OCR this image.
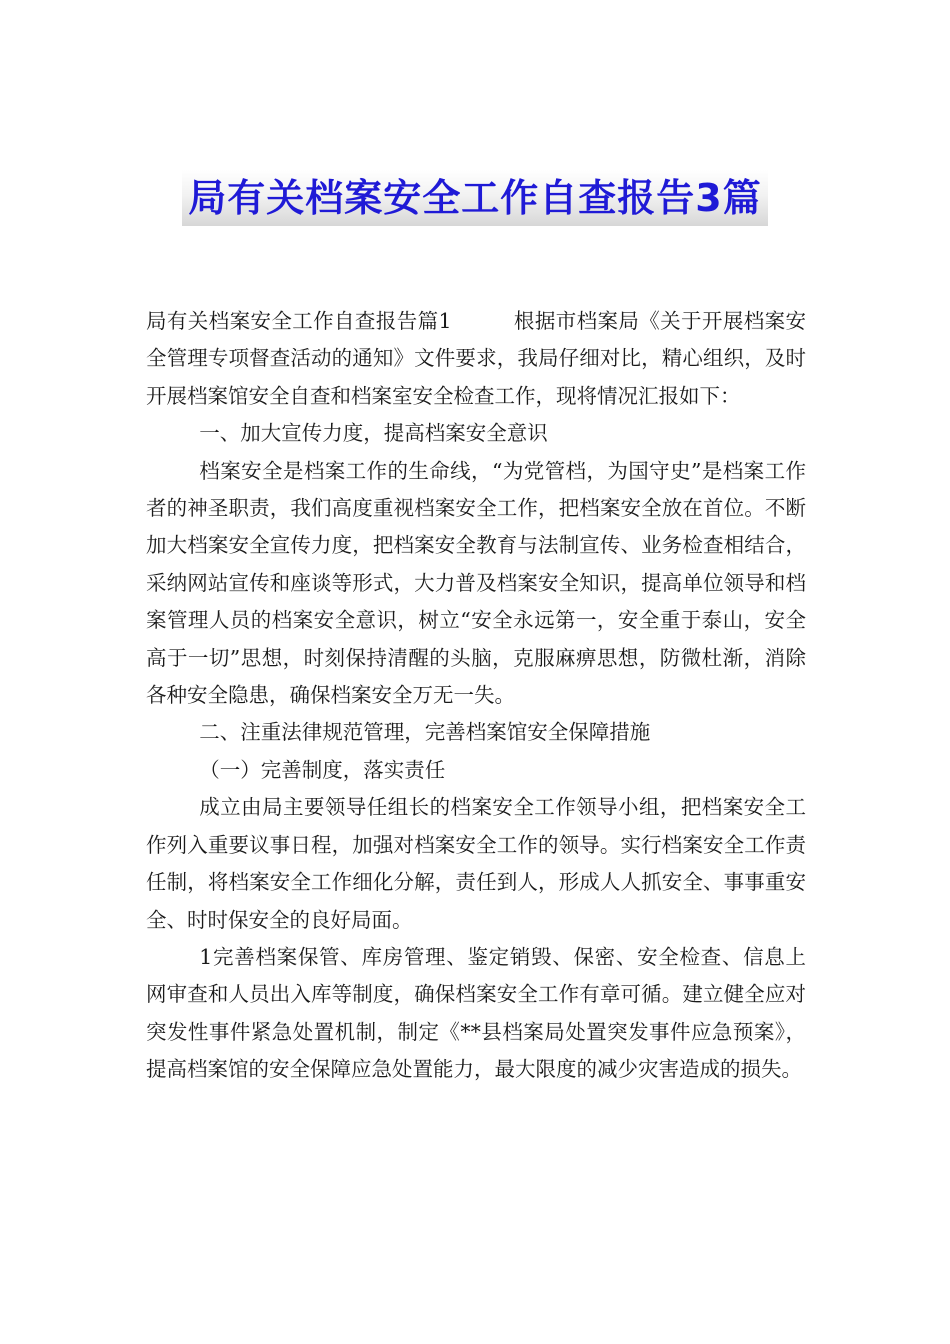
局有关档案安全工作自查报告3篇

局有关档案安全工作自查报告篇1	根据市档案局《关于开展档案安全管理专项督查活动的通知》文件要求，我局仔细对比，精心组织，及时开展档案馆安全自查和档案室安全检查工作，现将情况汇报如下：

一、加大宣传力度，提高档案安全意识

档案安全是档案工作的生命线，“为党管档，为国守史”是档案工作者的神圣职责，我们高度重视档案安全工作，把档案安全放在首位。不断加大档案安全宣传力度，把档案安全教育与法制宣传、业务检查相结合，采纳网站宣传和座谈等形式，大力普及档案安全知识，提高单位领导和档案管理人员的档案安全意识，树立“安全永远第一，安全重于泰山，安全高于一切”思想，时刻保持清醒的头脑，克服麻痹思想，防微杜渐，消除各种安全隐患，确保档案安全万无一失。

二、注重法律规范管理，完善档案馆安全保障措施

（一）完善制度，落实责任

成立由局主要领导任组长的档案安全工作领导小组，把档案安全工作列入重要议事日程，加强对档案安全工作的领导。实行档案安全工作责任制，将档案安全工作细化分解，责任到人，形成人人抓安全、事事重安全、时时保安全的良好局面。

1完善档案保管、库房管理、鉴定销毁、保密、安全检查、信息上网审查和人员出入库等制度，确保档案安全工作有章可循。建立健全应对突发性事件紧急处置机制，制定《**县档案局处置突发事件应急预案》，提高档案馆的安全保障应急处置能力，最大限度的减少灾害造成的损失。
